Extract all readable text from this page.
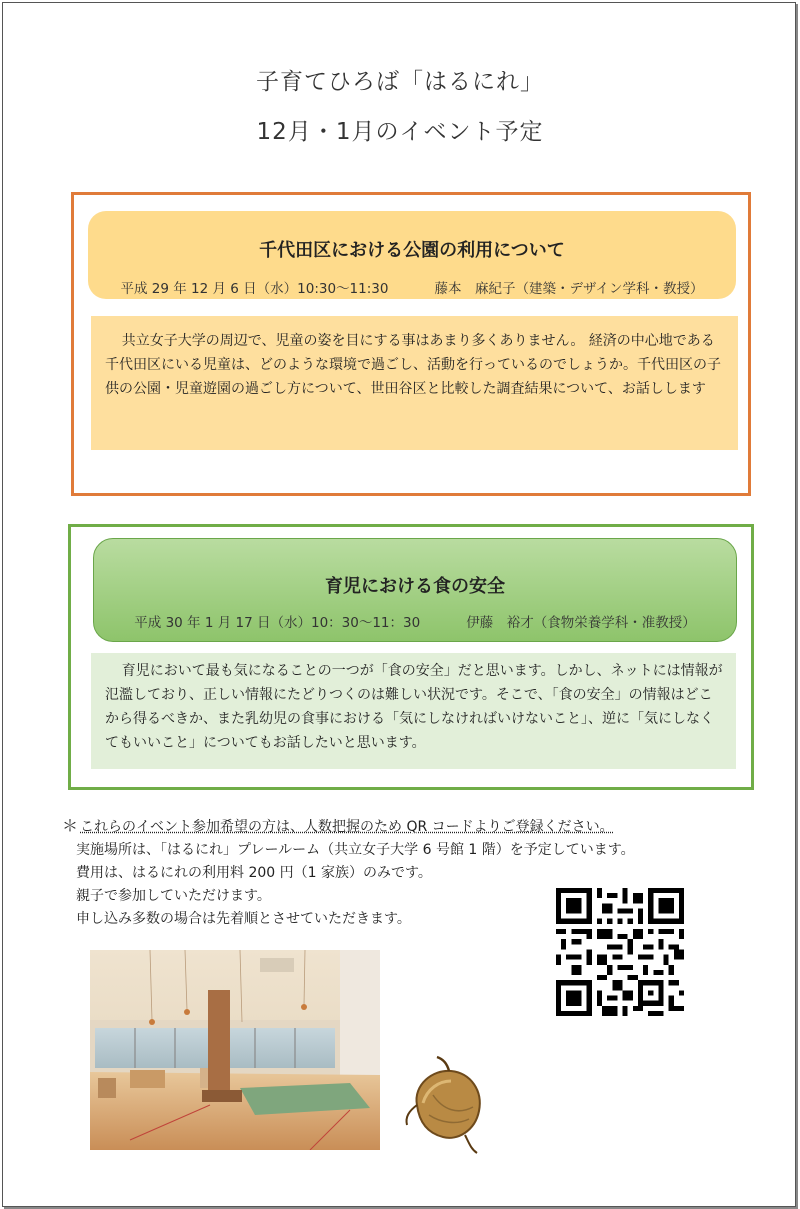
子育てひろば「はるにれ」
12月・1月のイベント予定
千代田区における公園の利用について
平成 29 年 12 月 6 日（水）10:30～11:30	藤本　麻紀子（建築・デザイン学科・教授）
共立女子大学の周辺で、児童の姿を目にする事はあまり多くありません。 経済の中心地である千代田区にいる児童は、どのような環境で過ごし、活動を行っているのでしょうか。千代田区の子供の公園・児童遊園の過ごし方について、世田谷区と比較した調査結果について、お話しします
育児における食の安全
平成 30 年 1 月 17 日（水）10：30～11：30	伊藤　裕才（食物栄養学科・准教授）
育児において最も気になることの一つが「食の安全」だと思います。しかし、ネットには情報が氾濫しており、正しい情報にたどりつくのは難しい状況です。そこで、「食の安全」の情報はどこから得るべきか、また乳幼児の食事における「気にしなければいけないこと」、逆に「気にしなくてもいいこと」についてもお話したいと思います。
＊ これらのイベント参加希望の方は、人数把握のため QR コードよりご登録ください。
実施場所は、「はるにれ」プレールーム（共立女子大学 6 号館 1 階）を予定しています。
費用は、はるにれの利用料 200 円（1 家族）のみです。
親子で参加していただけます。
申し込み多数の場合は先着順とさせていただきます。
